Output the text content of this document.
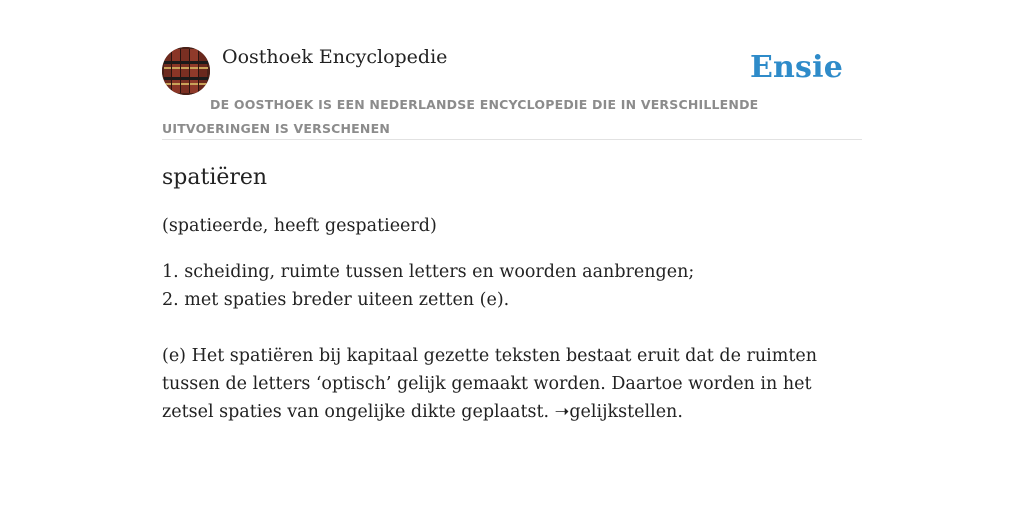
Oosthoek Encyclopedie	Ensie
DE OOSTHOEK IS EEN NEDERLANDSE ENCYCLOPEDIE DIE IN VERSCHILLENDE UITVOERINGEN IS VERSCHENEN
spatiëren

(spatieerde, heeft gespatieerd)

1. scheiding, ruimte tussen letters en woorden aanbrengen;
2. met spaties breder uiteen zetten (e).

(e) Het spatiëren bij kapitaal gezette teksten bestaat eruit dat de ruimten tussen de letters ‘optisch’ gelijk gemaakt worden. Daartoe worden in het zetsel spaties van ongelijke dikte geplaatst. ➝gelijkstellen.
